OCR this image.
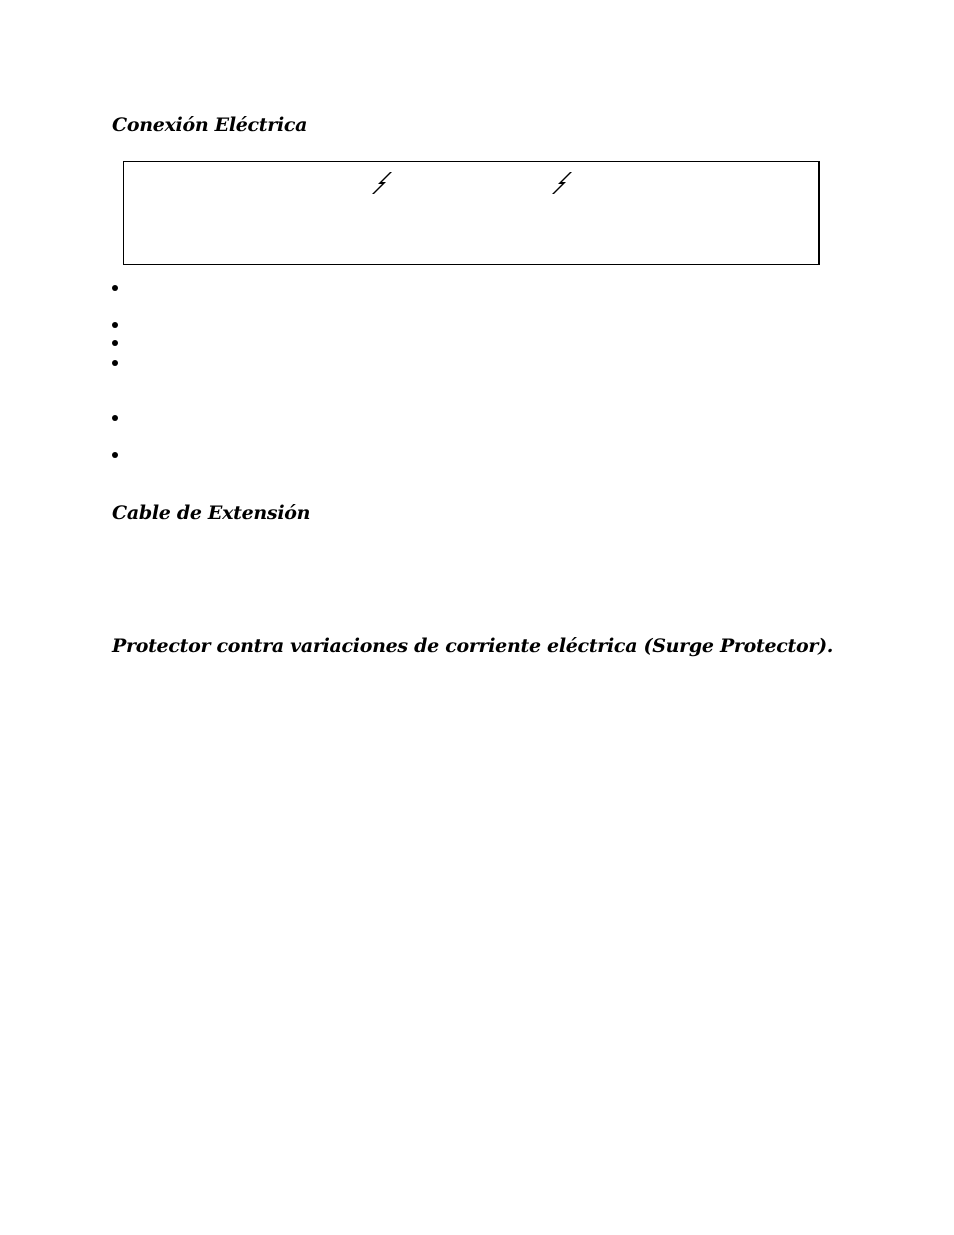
Conexión Eléctrica
Cable de Extensión
Protector contra variaciones de corriente eléctrica (Surge Protector).
